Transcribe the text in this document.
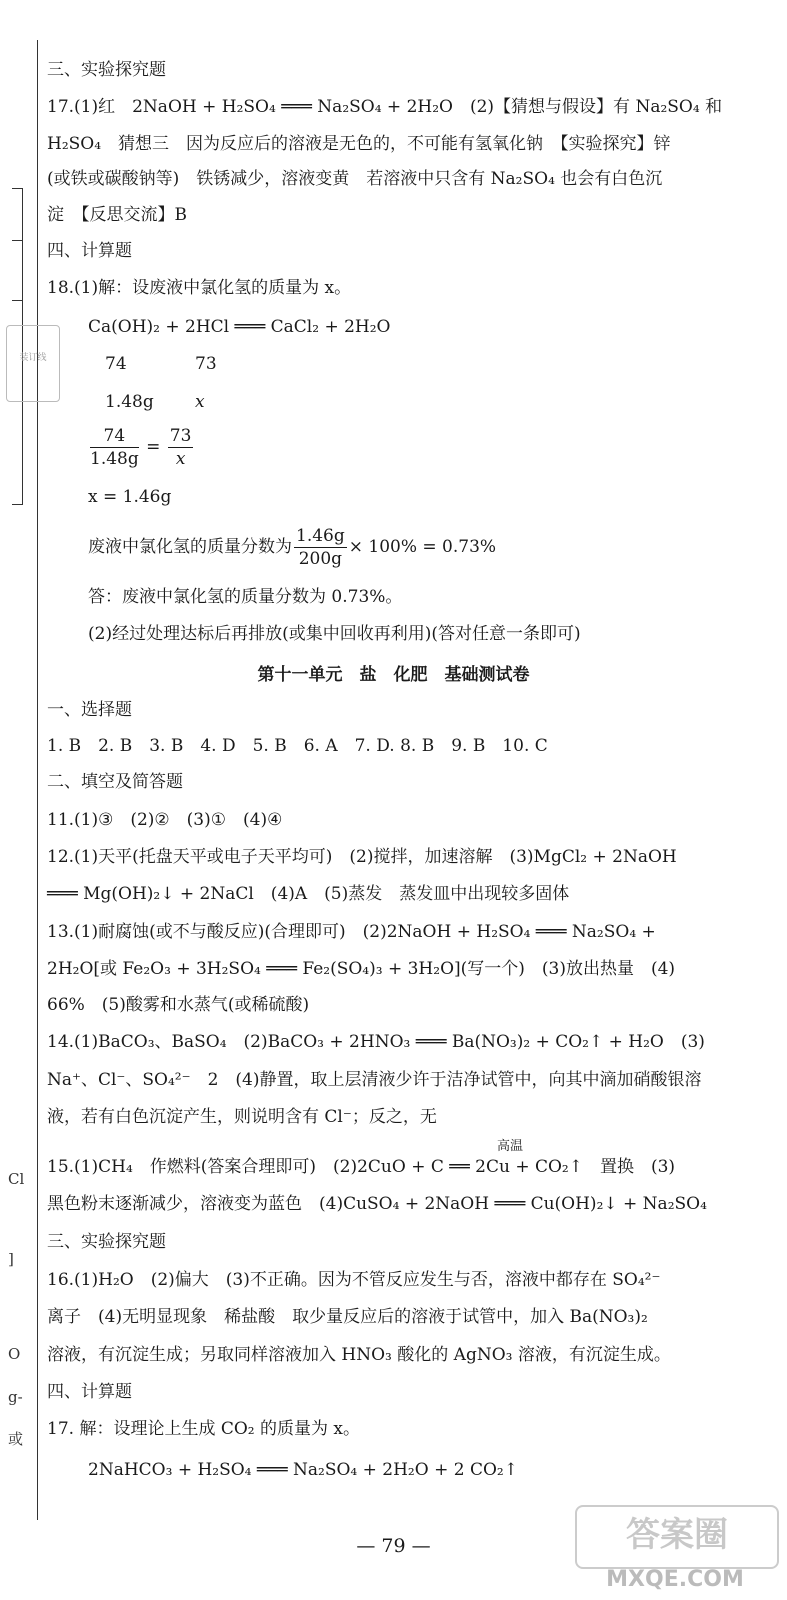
装订线
Cl
]
O
g-
或
三、实验探究题
17.(1)红　2NaOH + H₂SO₄ ═══ Na₂SO₄ + 2H₂O　(2)【猜想与假设】有 Na₂SO₄ 和
H₂SO₄　猜想三　因为反应后的溶液是无色的，不可能有氢氧化钠　【实验探究】锌
(或铁或碳酸钠等)　铁锈减少，溶液变黄　若溶液中只含有 Na₂SO₄ 也会有白色沉
淀　【反思交流】B
四、计算题
18.(1)解：设废液中氯化氢的质量为 x。
Ca(OH)₂ + 2HCl ═══ CaCl₂ + 2H₂O
74	73
1.48g x
$\frac{74}{1.48g} = \frac{73}{x}$
x = 1.46g
废液中氯化氢的质量分数为 $\frac{1.46g}{200g} \times 100\% = 0.73\%$
答：废液中氯化氢的质量分数为 0.73%。
(2)经过处理达标后再排放(或集中回收再利用)(答对任意一条即可)
第十一单元　盐　化肥　基础测试卷
一、选择题
1. B　2. B　3. B　4. D　5. B　6. A　7. D. 8. B　9. B　10. C
二、填空及简答题
11.(1)③　(2)②　(3)①　(4)④
12.(1)天平(托盘天平或电子天平均可)　(2)搅拌，加速溶解　(3)MgCl₂ + 2NaOH
═══ Mg(OH)₂↓ + 2NaCl　(4)A　(5)蒸发　蒸发皿中出现较多固体
13.(1)耐腐蚀(或不与酸反应)(合理即可)　(2)2NaOH + H₂SO₄ ═══ Na₂SO₄ +
2H₂O[或 Fe₂O₃ + 3H₂SO₄ ═══ Fe₂(SO₄)₃ + 3H₂O](写一个)　(3)放出热量　(4)
66%　(5)酸雾和水蒸气(或稀硫酸)
14.(1)BaCO₃、BaSO₄　(2)BaCO₃ + 2HNO₃ ═══ Ba(NO₃)₂ + CO₂↑ + H₂O　(3)
Na⁺、Cl⁻、SO₄²⁻　2　(4)静置，取上层清液少许于洁净试管中，向其中滴加硝酸银溶
液，若有白色沉淀产生，则说明含有 Cl⁻；反之，无
高温
15.(1)CH₄　作燃料(答案合理即可)　(2)2CuO + C ══ 2Cu + CO₂↑　置换　(3)
黑色粉末逐渐减少，溶液变为蓝色　(4)CuSO₄ + 2NaOH ═══ Cu(OH)₂↓ + Na₂SO₄
三、实验探究题
16.(1)H₂O　(2)偏大　(3)不正确。因为不管反应发生与否，溶液中都存在 SO₄²⁻
离子　(4)无明显现象　稀盐酸　取少量反应后的溶液于试管中，加入 Ba(NO₃)₂
溶液，有沉淀生成；另取同样溶液加入 HNO₃ 酸化的 AgNO₃ 溶液，有沉淀生成。
四、计算题
17. 解：设理论上生成 CO₂ 的质量为 x。
2NaHCO₃ + H₂SO₄ ═══ Na₂SO₄ + 2H₂O + 2 CO₂↑
— 79 —	答案圈
MXQE.COM
